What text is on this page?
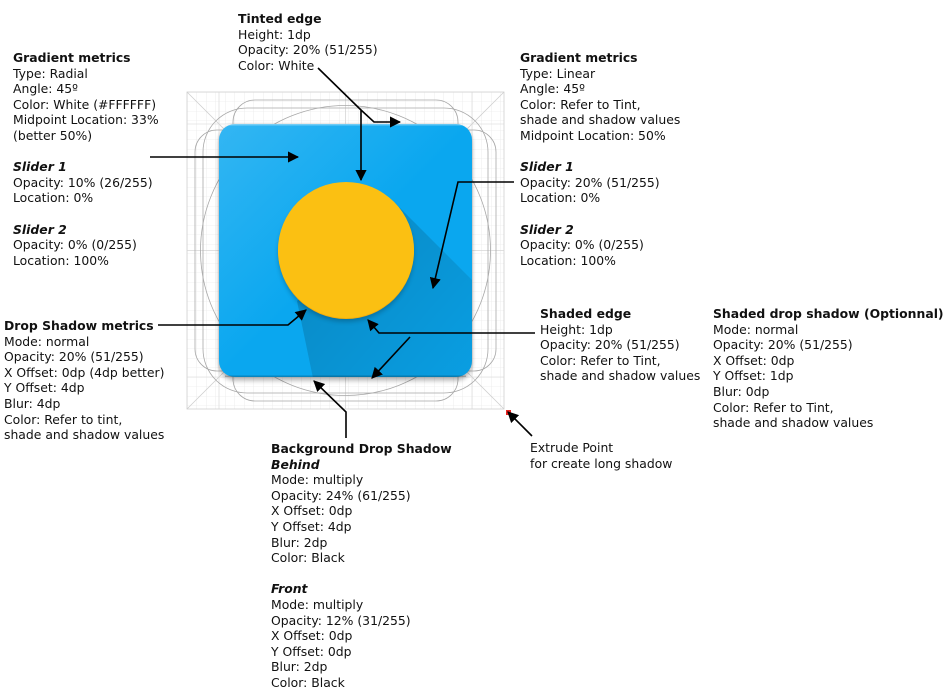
Tinted edge
Height: 1dp
Opacity: 20% (51/255)
Color: White
Gradient metrics
Type: Radial
Angle: 45º
Color: White (#FFFFFF)
Midpoint Location: 33%
(better 50%)
Slider 1
Opacity: 10% (26/255)
Location: 0%
Slider 2
Opacity: 0% (0/255)
Location: 100%
Gradient metrics
Type: Linear
Angle: 45º
Color: Refer to Tint,
shade and shadow values
Midpoint Location: 50%
Slider 1
Opacity: 20% (51/255)
Location: 0%
Slider 2
Opacity: 0% (0/255)
Location: 100%
Drop Shadow metrics
Mode: normal
Opacity: 20% (51/255)
X Offset: 0dp (4dp better)
Y Offset: 4dp
Blur: 4dp
Color: Refer to tint,
shade and shadow values
Shaded edge
Height: 1dp
Opacity: 20% (51/255)
Color: Refer to Tint,
shade and shadow values
Shaded drop shadow (Optionnal)
Mode: normal
Opacity: 20% (51/255)
X Offset: 0dp
Y Offset: 1dp
Blur: 0dp
Color: Refer to Tint,
shade and shadow values
Extrude Point
for create long shadow
Background Drop Shadow
Behind
Mode: multiply
Opacity: 24% (61/255)
X Offset: 0dp
Y Offset: 4dp
Blur: 2dp
Color: Black
Front
Mode: multiply
Opacity: 12% (31/255)
X Offset: 0dp
Y Offset: 0dp
Blur: 2dp
Color: Black
